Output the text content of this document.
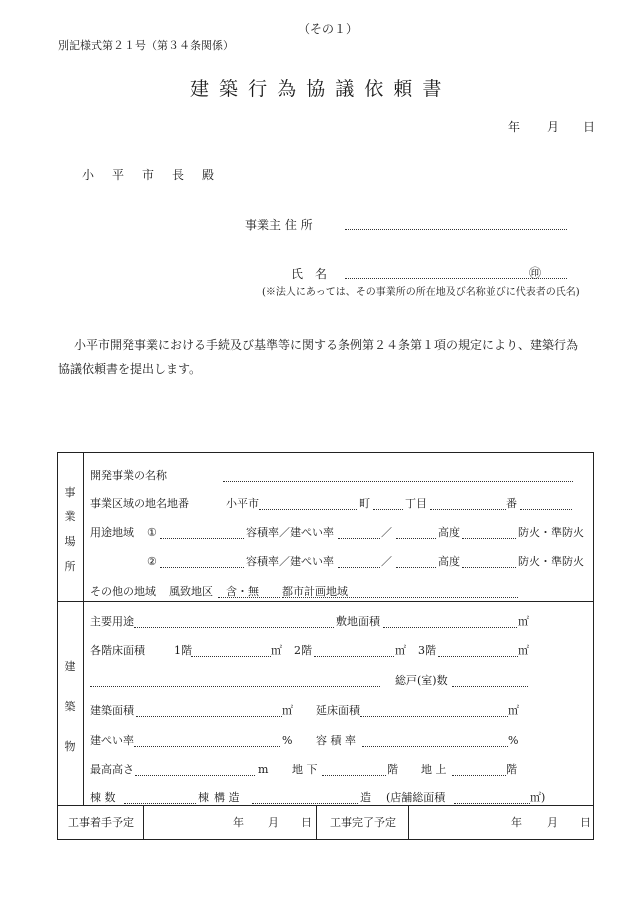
（その１）
別記様式第２１号（第３４条関係）
建 築 行 為 協 議 依 頼 書
年 月 日
小　平　市　長　殿
事業主 住 所
氏　名	㊞
(※法人にあっては、その事業所の所在地及び名称並びに代表者の氏名)
小平市開発事業における手続及び基準等に関する条例第２４条第１項の規定により、建築行為
協議依頼書を提出します。
事
業
場
所
開発事業の名称
事業区域の地名地番	小平市	町	丁目	番
用途地域 ①	容積率／建ぺい率	／	高度	防火・準防火
②	容積率／建ぺい率	／	高度	防火・準防火
その他の地域 風致地区 含・無 都市計画地域
建
築
物
主要用途	敷地面積	㎡
各階床面積	1階	㎡ 2階	㎡ 3階	㎡
総戸(室)数
建築面積	㎡ 延床面積	㎡
建ぺい率	% 容 積 率	%
最高高さ	m 地 下	階 地 上	階
棟 数	棟 構 造	造 (店舗総面積	㎡)
工事着手予定	年 月 日 工事完了予定	年 月 日
